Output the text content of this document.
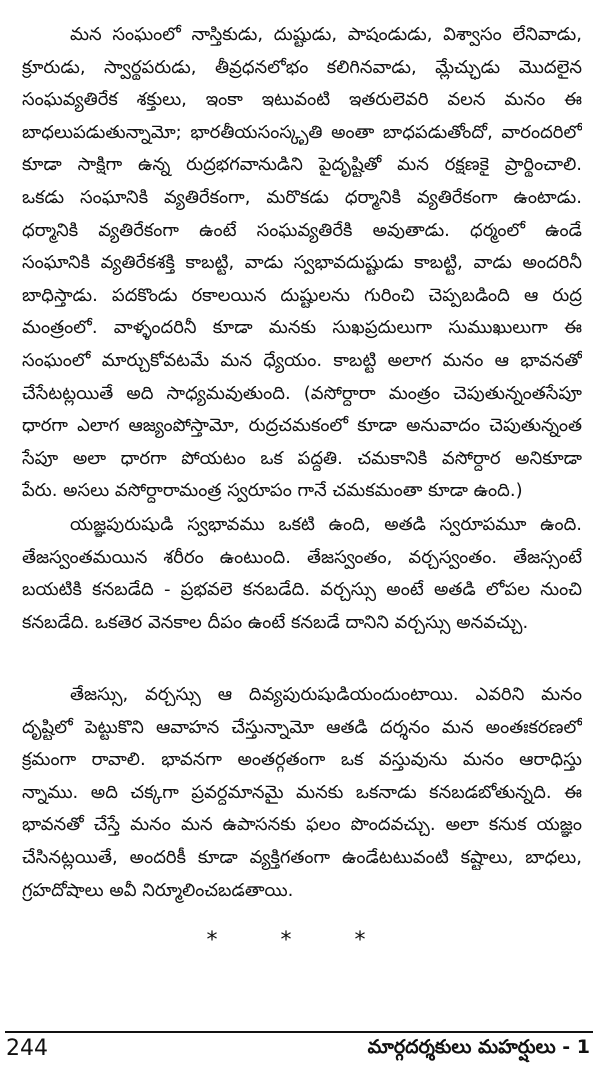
మన సంఘంలో నాస్తికుడు, దుష్టుడు, పాషండుడు, విశ్వాసం లేనివాడు,
క్రూరుడు, స్వార్థపరుడు, తీవ్రధనలోభం కలిగినవాడు, మ్లేచ్ఛుడు మొదలైన
సంఘవ్యతిరేక శక్తులు, ఇంకా ఇటువంటి ఇతరులెవరి వలన మనం ఈ
బాధలుపడుతున్నామో; భారతీయసంస్కృతి అంతా బాధపడుతోందో, వారందరిలో
కూడా సాక్షిగా ఉన్న రుద్రభగవానుడిని పైదృష్టితో మన రక్షణకై ప్రార్థించాలి.
ఒకడు సంఘానికి వ్యతిరేకంగా, మరొకడు ధర్మానికి వ్యతిరేకంగా ఉంటాడు.
ధర్మానికి వ్యతిరేకంగా ఉంటే సంఘవ్యతిరేకి అవుతాడు. ధర్మంలో ఉండే
సంఘానికి వ్యతిరేకశక్తి కాబట్టి, వాడు స్వభావదుష్టుడు కాబట్టి, వాడు అందరినీ
బాధిస్తాడు. పదకొండు రకాలయిన దుష్టులను గురించి చెప్పబడింది ఆ రుద్ర
మంత్రంలో. వాళ్ళందరినీ కూడా మనకు సుఖప్రదులుగా సుముఖులుగా ఈ
సంఘంలో మార్చుకోవటమే మన ధ్యేయం. కాబట్టి అలాగ మనం ఆ భావనతో
చేసేటట్లయితే అది సాధ్యమవుతుంది. (వసోర్ధారా మంత్రం చెపుతున్నంతసేపూ
ధారగా ఎలాగ ఆజ్యంపోస్తామో, రుద్రచమకంలో కూడా అనువాదం చెపుతున్నంత
సేపూ అలా ధారగా పోయటం ఒక పద్ధతి. చమకానికి వసోర్ధార అనికూడా
పేరు. అసలు వసోర్ధారామంత్ర స్వరూపం గానే చమకమంతా కూడా ఉంది.)
యజ్ఞపురుషుడి స్వభావము ఒకటి ఉంది, అతడి స్వరూపమూ ఉంది.
తేజస్వంతమయిన శరీరం ఉంటుంది. తేజస్వంతం, వర్చస్వంతం. తేజస్సంటే
బయటికి కనబడేది - ప్రభవలె కనబడేది. వర్చస్సు అంటే అతడి లోపల నుంచి
కనబడేది. ఒకతెర వెనకాల దీపం ఉంటే కనబడే దానిని వర్చస్సు అనవచ్చు.
తేజస్సు, వర్చస్సు ఆ దివ్యపురుషుడియందుంటాయి. ఎవరిని మనం
దృష్టిలో పెట్టుకొని ఆవాహన చేస్తున్నామో ఆతడి దర్శనం మన అంతఃకరణలో
క్రమంగా రావాలి. భావనగా అంతర్గతంగా ఒక వస్తువును మనం ఆరాధిస్తు
న్నాము. అది చక్కగా ప్రవర్ధమానమై మనకు ఒకనాడు కనబడబోతున్నది. ఈ
భావనతో చేస్తే మనం మన ఉపాసనకు ఫలం పొందవచ్చు. అలా కనుక యజ్ఞం
చేసినట్లయితే, అందరికీ కూడా వ్యక్తిగతంగా ఉండేటటువంటి కష్టాలు, బాధలు,
గ్రహదోషాలు అవీ నిర్మూలించబడతాయి.
* * *
244	మార్గదర్శకులు మహర్షులు - 1
